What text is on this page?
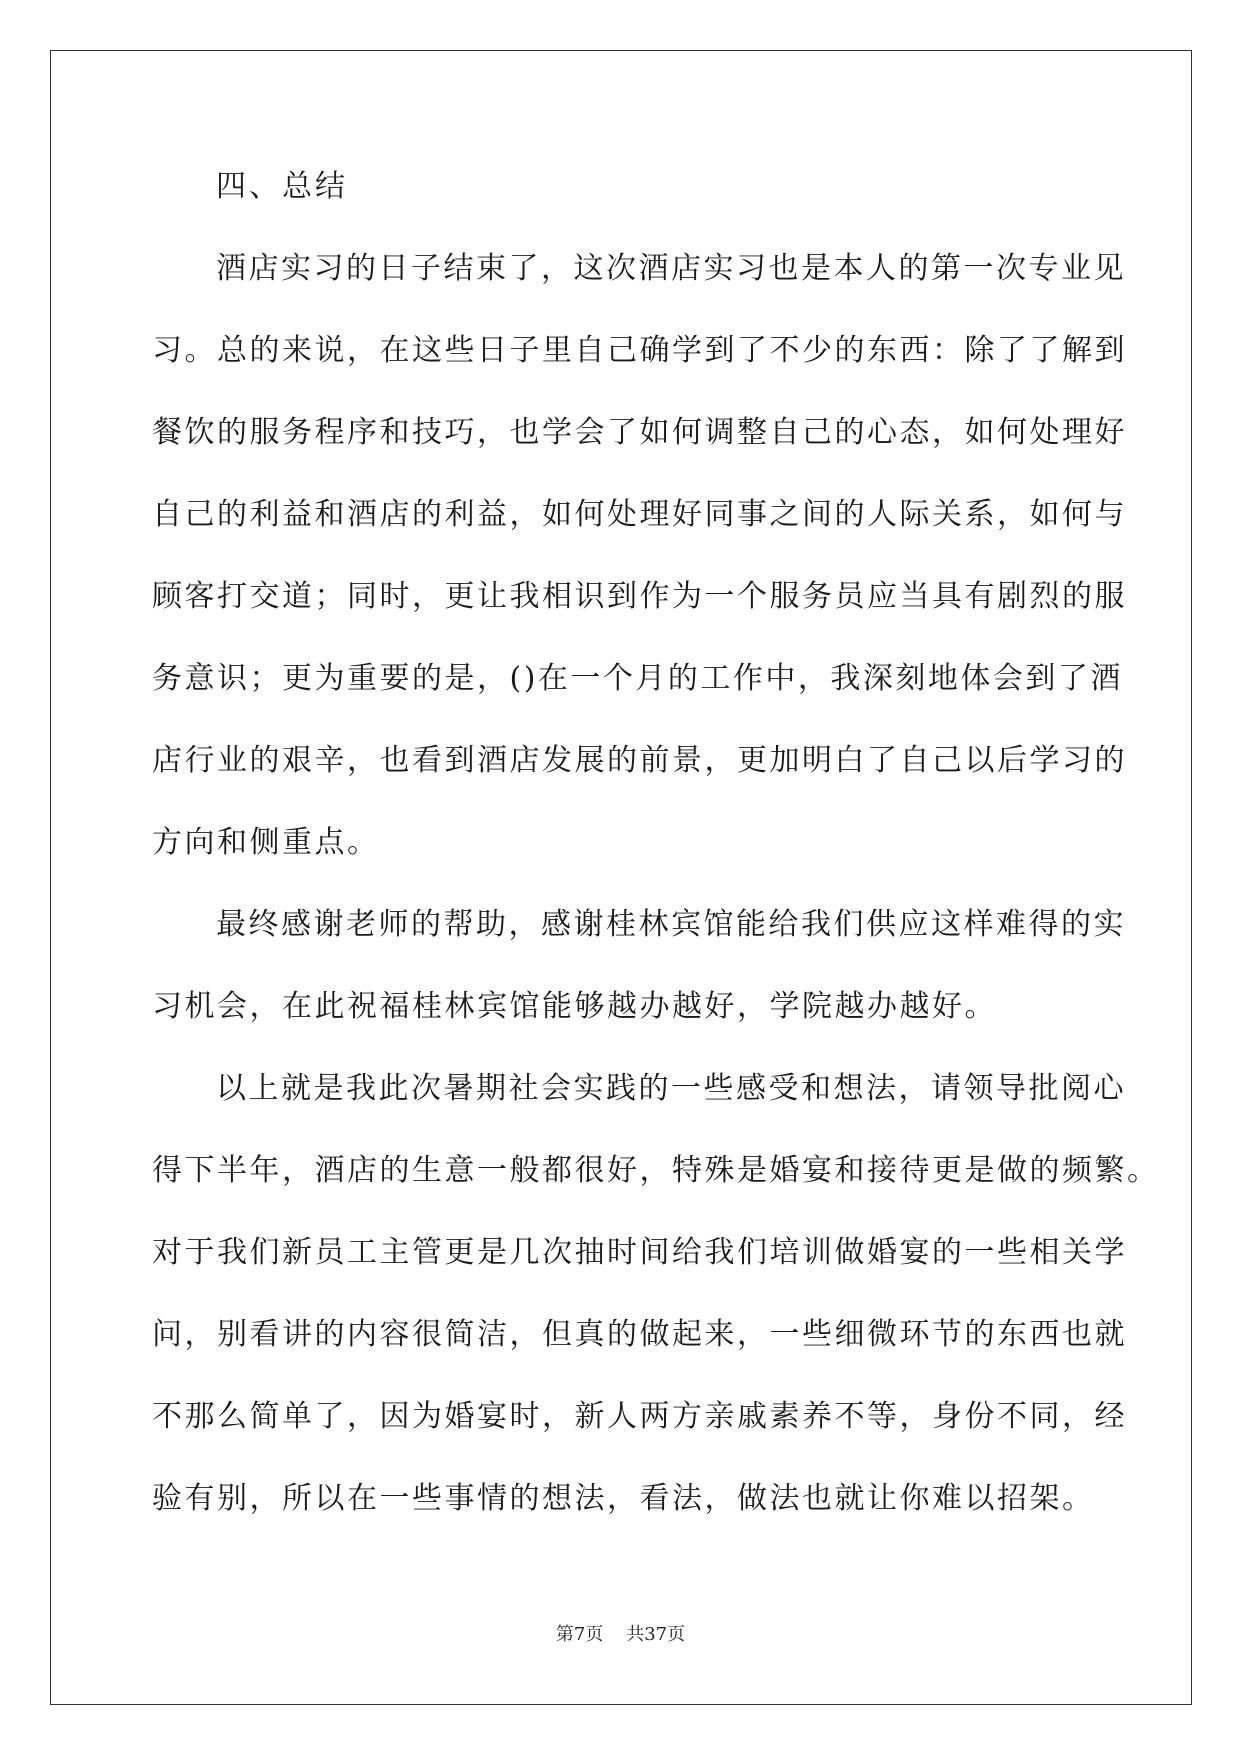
四、总结
酒店实习的日子结束了，这次酒店实习也是本人的第一次专业见
习。总的来说，在这些日子里自己确学到了不少的东西：除了了解到
餐饮的服务程序和技巧，也学会了如何调整自己的心态，如何处理好
自己的利益和酒店的利益，如何处理好同事之间的人际关系，如何与
顾客打交道；同时，更让我相识到作为一个服务员应当具有剧烈的服
务意识；更为重要的是，()在一个月的工作中，我深刻地体会到了酒
店行业的艰辛，也看到酒店发展的前景，更加明白了自己以后学习的
方向和侧重点。
最终感谢老师的帮助，感谢桂林宾馆能给我们供应这样难得的实
习机会，在此祝福桂林宾馆能够越办越好，学院越办越好。
以上就是我此次暑期社会实践的一些感受和想法，请领导批阅心
得下半年，酒店的生意一般都很好，特殊是婚宴和接待更是做的频繁。
对于我们新员工主管更是几次抽时间给我们培训做婚宴的一些相关学
问，别看讲的内容很简洁，但真的做起来，一些细微环节的东西也就
不那么简单了，因为婚宴时，新人两方亲戚素养不等，身份不同，经
验有别，所以在一些事情的想法，看法，做法也就让你难以招架。
第7页 共37页
